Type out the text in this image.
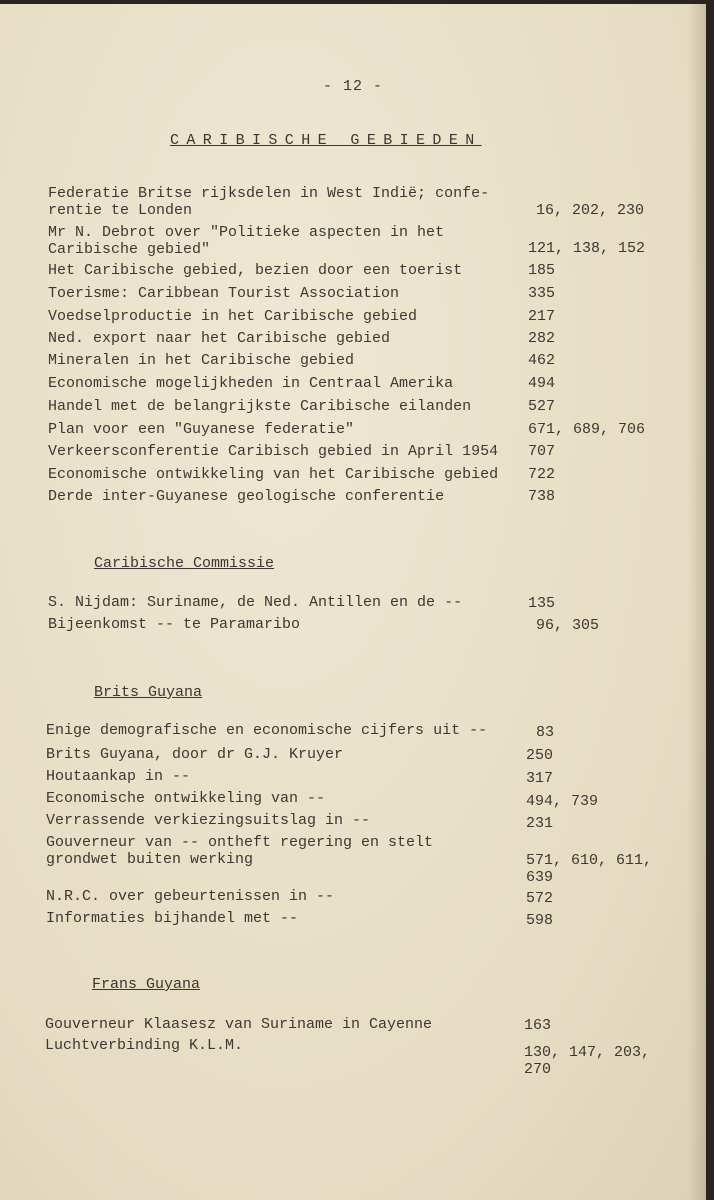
- 12 -
CARIBISCHE GEBIEDEN
Federatie Britse rijksdelen in West Indië; confe-
rentie te Londen	16, 202, 230
Mr N. Debrot over "Politieke aspecten in het
Caribische gebied"	121, 138, 152
Het Caribische gebied, bezien door een toerist	185
Toerisme: Caribbean Tourist Association	335
Voedselproductie in het Caribische gebied	217
Ned. export naar het Caribische gebied	282
Mineralen in het Caribische gebied	462
Economische mogelijkheden in Centraal Amerika	494
Handel met de belangrijkste Caribische eilanden	527
Plan voor een "Guyanese federatie"	671, 689, 706
Verkeersconferentie Caribisch gebied in April 1954 707
Economische ontwikkeling van het Caribische gebied 722
Derde inter-Guyanese geologische conferentie	738
Caribische Commissie
S. Nijdam: Suriname, de Ned. Antillen en de --	135
Bijeenkomst -- te Paramaribo	96, 305
Brits Guyana
Enige demografische en economische cijfers uit --	83
Brits Guyana, door dr G.J. Kruyer	250
Houtaankap in --	317
Economische ontwikkeling van --	494, 739
Verrassende verkiezingsuitslag in --	231
Gouverneur van -- ontheft regering en stelt
grondwet buiten werking	571, 610, 611,
639
N.R.C. over gebeurtenissen in --	572
Informaties bijhandel met --	598
Frans Guyana
Gouverneur Klaasesz van Suriname in Cayenne	163
Luchtverbinding K.L.M.	130, 147, 203,
270
